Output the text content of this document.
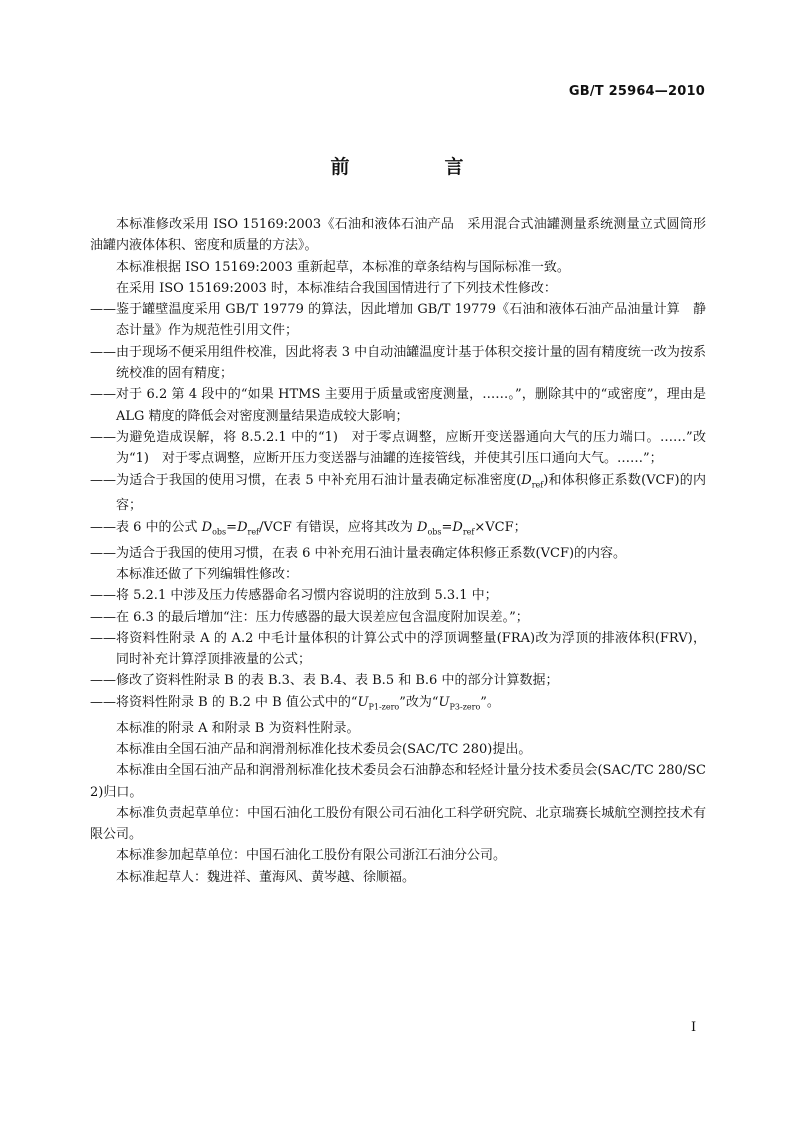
GB/T 25964—2010
前　言

本标准修改采用 ISO 15169:2003《石油和液体石油产品　采用混合式油罐测量系统测量立式圆筒形油罐内液体体积、密度和质量的方法》。

本标准根据 ISO 15169:2003 重新起草，本标准的章条结构与国际标准一致。

在采用 ISO 15169:2003 时，本标准结合我国国情进行了下列技术性修改：

—— 鉴于罐壁温度采用 GB/T 19779 的算法，因此增加 GB/T 19779《石油和液体石油产品油量计算　静态计量》作为规范性引用文件；

—— 由于现场不便采用组件校准，因此将表 3 中自动油罐温度计基于体积交接计量的固有精度统一改为按系统校准的固有精度；

—— 对于 6.2 第 4 段中的“如果 HTMS 主要用于质量或密度测量，……。”，删除其中的“或密度”，理由是 ALG 精度的降低会对密度测量结果造成较大影响；

—— 为避免造成误解，将 8.5.2.1 中的“1)　对于零点调整，应断开变送器通向大气的压力端口。……”改为“1)　对于零点调整，应断开压力变送器与油罐的连接管线，并使其引压口通向大气。……”；

—— 为适合于我国的使用习惯，在表 5 中补充用石油计量表确定标准密度$(D_{ref})$和体积修正系数(VCF)的内容；

—— 表 6 中的公式 $D_{obs}=D_{ref}$/VCF 有错误，应将其改为 $D_{obs}=D_{ref}\times VCF$；

—— 为适合于我国的使用习惯，在表 6 中补充用石油计量表确定体积修正系数(VCF)的内容。

本标准还做了下列编辑性修改：

—— 将 5.2.1 中涉及压力传感器命名习惯内容说明的注放到 5.3.1 中；

—— 在 6.3 的最后增加“注：压力传感器的最大误差应包含温度附加误差。”；

—— 将资料性附录 A 的 A.2 中毛计量体积的计算公式中的浮顶调整量(FRA)改为浮顶的排液体积(FRV)，同时补充计算浮顶排液量的公式；

—— 修改了资料性附录 B 的表 B.3、表 B.4、表 B.5 和 B.6 中的部分计算数据；

—— 将资料性附录 B 的 B.2 中 B 值公式中的“$U_{P1-zero}$”改为“$U_{P3-zero}$”。

本标准的附录 A 和附录 B 为资料性附录。

本标准由全国石油产品和润滑剂标准化技术委员会(SAC/TC 280)提出。

本标准由全国石油产品和润滑剂标准化技术委员会石油静态和轻烃计量分技术委员会(SAC/TC 280/SC 2)归口。

本标准负责起草单位：中国石油化工股份有限公司石油化工科学研究院、北京瑞赛长城航空测控技术有限公司。

本标准参加起草单位：中国石油化工股份有限公司浙江石油分公司。

本标准起草人：魏进祥、董海风、黄岑越、徐顺福。

I
